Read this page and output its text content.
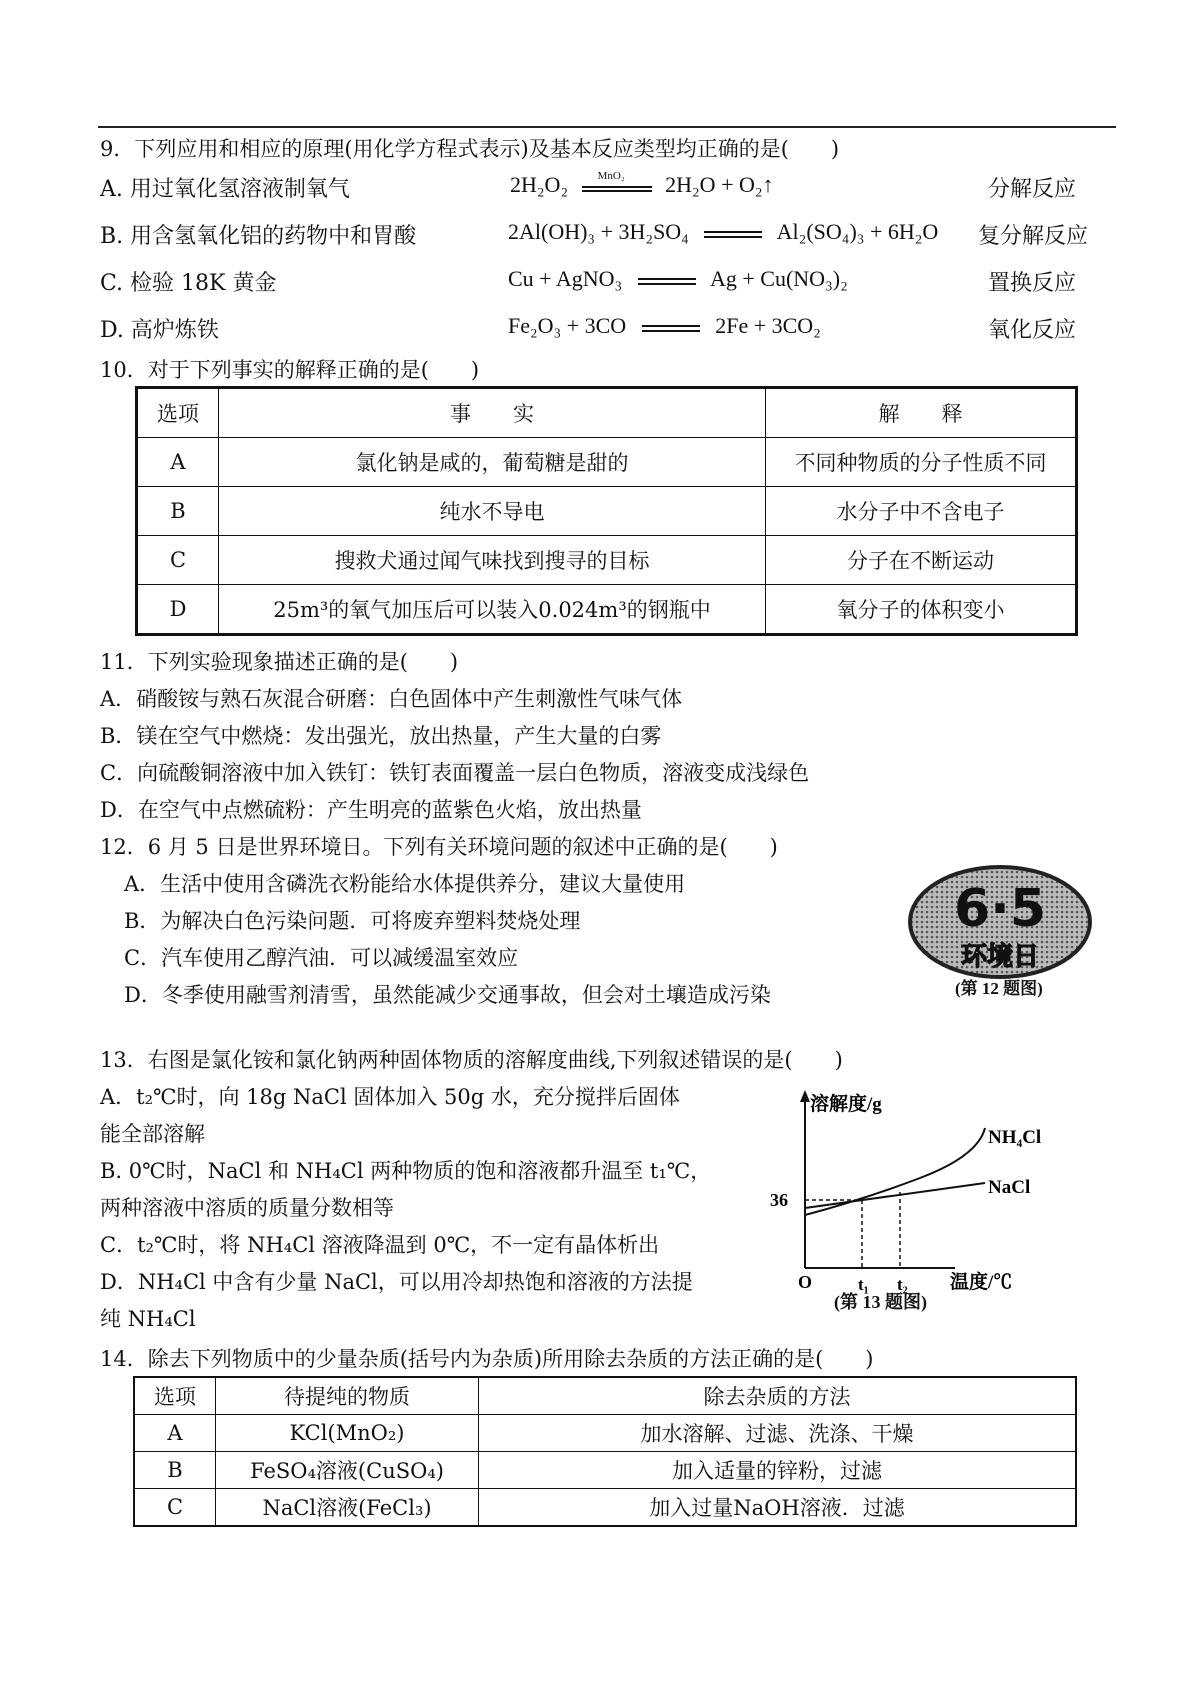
9．下列应用和相应的原理(用化学方程式表示)及基本反应类型均正确的是(　　)
A. 用过氧化氢溶液制氧气	2H₂O₂	MnO₂ 2H₂O + O₂↑	分解反应
B. 用含氢氧化铝的药物中和胃酸	2Al(OH)₃ + 3H₂SO₄	Al₂(SO₄)₃ + 6H₂O 复分解反应
C. 检验 18K 黄金	Cu + AgNO₃	Ag + Cu(NO₃)₂	置换反应
D. 高炉炼铁	Fe₂O₃ + 3CO	2Fe + 3CO₂	氧化反应
10．对于下列事实的解释正确的是(　　)
选项	事　　实	解　　释
A	氯化钠是咸的，葡萄糖是甜的	不同种物质的分子性质不同
B	纯水不导电	水分子中不含电子
C	搜救犬通过闻气味找到搜寻的目标	分子在不断运动
D	25m³的氧气加压后可以装入0.024m³的钢瓶中	氧分子的体积变小
11．下列实验现象描述正确的是(　　)
A．硝酸铵与熟石灰混合研磨：白色固体中产生刺激性气味气体
B．镁在空气中燃烧：发出强光，放出热量，产生大量的白雾
C．向硫酸铜溶液中加入铁钉：铁钉表面覆盖一层白色物质，溶液变成浅绿色
D．在空气中点燃硫粉：产生明亮的蓝紫色火焰，放出热量
12．6 月 5 日是世界环境日。下列有关环境问题的叙述中正确的是(　　)
A．生活中使用含磷洗衣粉能给水体提供养分，建议大量使用
B．为解决白色污染问题．可将废弃塑料焚烧处理
C．汽车使用乙醇汽油．可以减缓温室效应
D．冬季使用融雪剂清雪，虽然能减少交通事故，但会对土壤造成污染
6·5
环境日
(第 12 题图)
13．右图是氯化铵和氯化钠两种固体物质的溶解度曲线,下列叙述错误的是(　　)
A．t₂℃时，向 18g NaCl 固体加入 50g 水，充分搅拌后固体
能全部溶解
B. 0℃时，NaCl 和 NH₄Cl 两种物质的饱和溶液都升温至 t₁℃，
两种溶液中溶质的质量分数相等
C．t₂℃时，将 NH₄Cl 溶液降温到 0℃，不一定有晶体析出
D．NH₄Cl 中含有少量 NaCl，可以用冷却热饱和溶液的方法提
纯 NH₄Cl
溶解度/g
36
O	t₁ t₂ 温度/℃
NH₄Cl
NaCl
(第 13 题图)
14．除去下列物质中的少量杂质(括号内为杂质)所用除去杂质的方法正确的是(　　)
选项	待提纯的物质	除去杂质的方法
A	KCl(MnO₂)	加水溶解、过滤、洗涤、干燥
B	FeSO₄溶液(CuSO₄)	加入适量的锌粉，过滤
C	NaCl溶液(FeCl₃)	加入过量NaOH溶液．过滤
